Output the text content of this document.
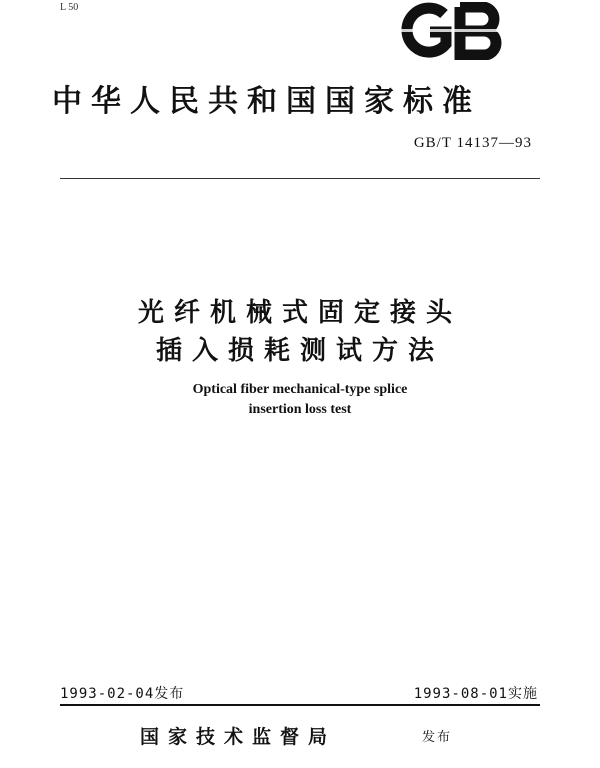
L 50
中华人民共和国国家标准
GB/T 14137—93
光纤机械式固定接头
插入损耗测试方法
Optical fiber mechanical-type splice
insertion loss test
1993-02-04发布	1993-08-01实施
国家技术监督局	发布
